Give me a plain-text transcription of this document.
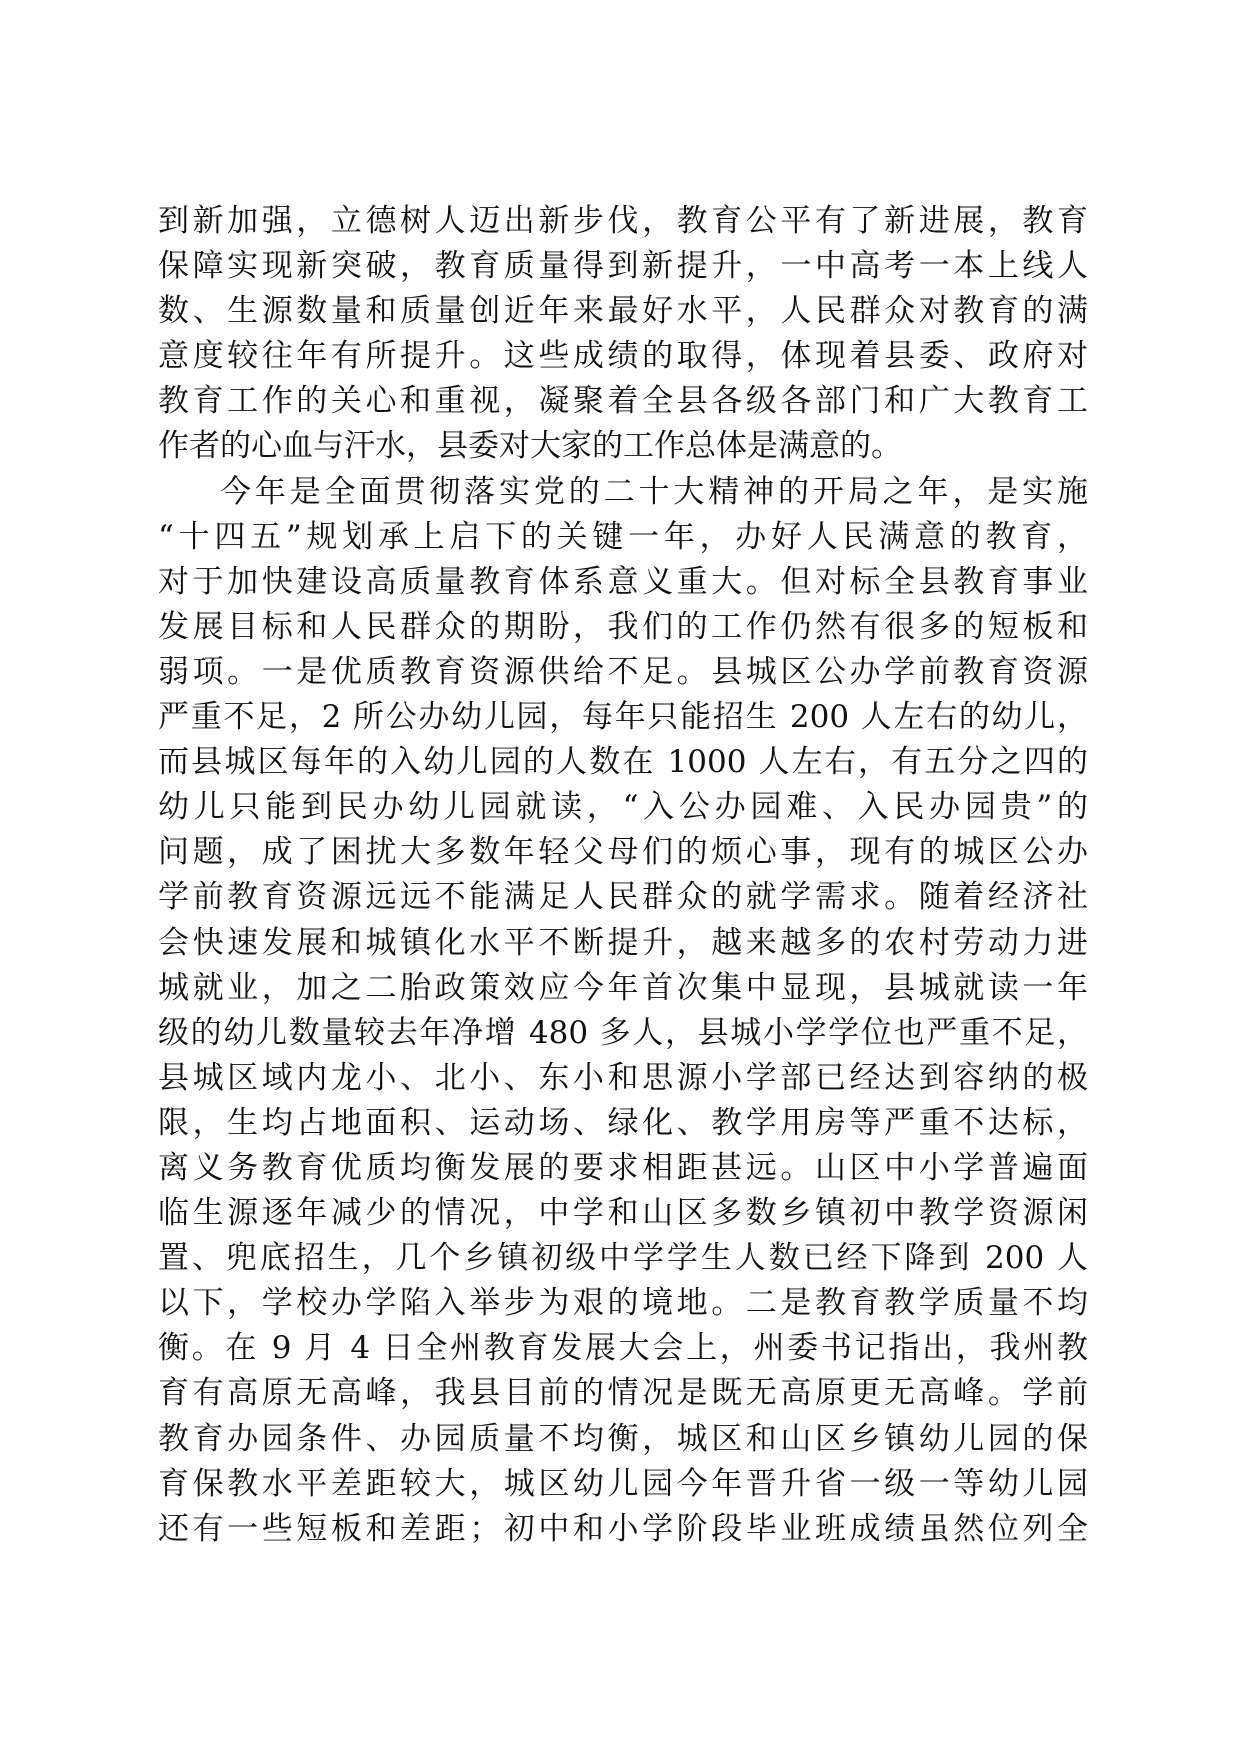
到新加强，立德树人迈出新步伐，教育公平有了新进展，教育
保障实现新突破，教育质量得到新提升，一中高考一本上线人
数、生源数量和质量创近年来最好水平，人民群众对教育的满
意度较往年有所提升。这些成绩的取得，体现着县委、政府对
教育工作的关心和重视，凝聚着全县各级各部门和广大教育工
作者的心血与汗水，县委对大家的工作总体是满意的。
今年是全面贯彻落实党的二十大精神的开局之年，是实施
“十四五”规划承上启下的关键一年，办好人民满意的教育，
对于加快建设高质量教育体系意义重大。但对标全县教育事业
发展目标和人民群众的期盼，我们的工作仍然有很多的短板和
弱项。一是优质教育资源供给不足。县城区公办学前教育资源
严重不足，2 所公办幼儿园，每年只能招生 200 人左右的幼儿，
而县城区每年的入幼儿园的人数在 1000 人左右，有五分之四的
幼儿只能到民办幼儿园就读，“入公办园难、入民办园贵”的
问题，成了困扰大多数年轻父母们的烦心事，现有的城区公办
学前教育资源远远不能满足人民群众的就学需求。随着经济社
会快速发展和城镇化水平不断提升，越来越多的农村劳动力进
城就业，加之二胎政策效应今年首次集中显现，县城就读一年
级的幼儿数量较去年净增 480 多人，县城小学学位也严重不足，
县城区域内龙小、北小、东小和思源小学部已经达到容纳的极
限，生均占地面积、运动场、绿化、教学用房等严重不达标，
离义务教育优质均衡发展的要求相距甚远。山区中小学普遍面
临生源逐年减少的情况，中学和山区多数乡镇初中教学资源闲
置、兜底招生，几个乡镇初级中学学生人数已经下降到 200 人
以下，学校办学陷入举步为艰的境地。二是教育教学质量不均
衡。在 9 月 4 日全州教育发展大会上，州委书记指出，我州教
育有高原无高峰，我县目前的情况是既无高原更无高峰。学前
教育办园条件、办园质量不均衡，城区和山区乡镇幼儿园的保
育保教水平差距较大，城区幼儿园今年晋升省一级一等幼儿园
还有一些短板和差距；初中和小学阶段毕业班成绩虽然位列全
